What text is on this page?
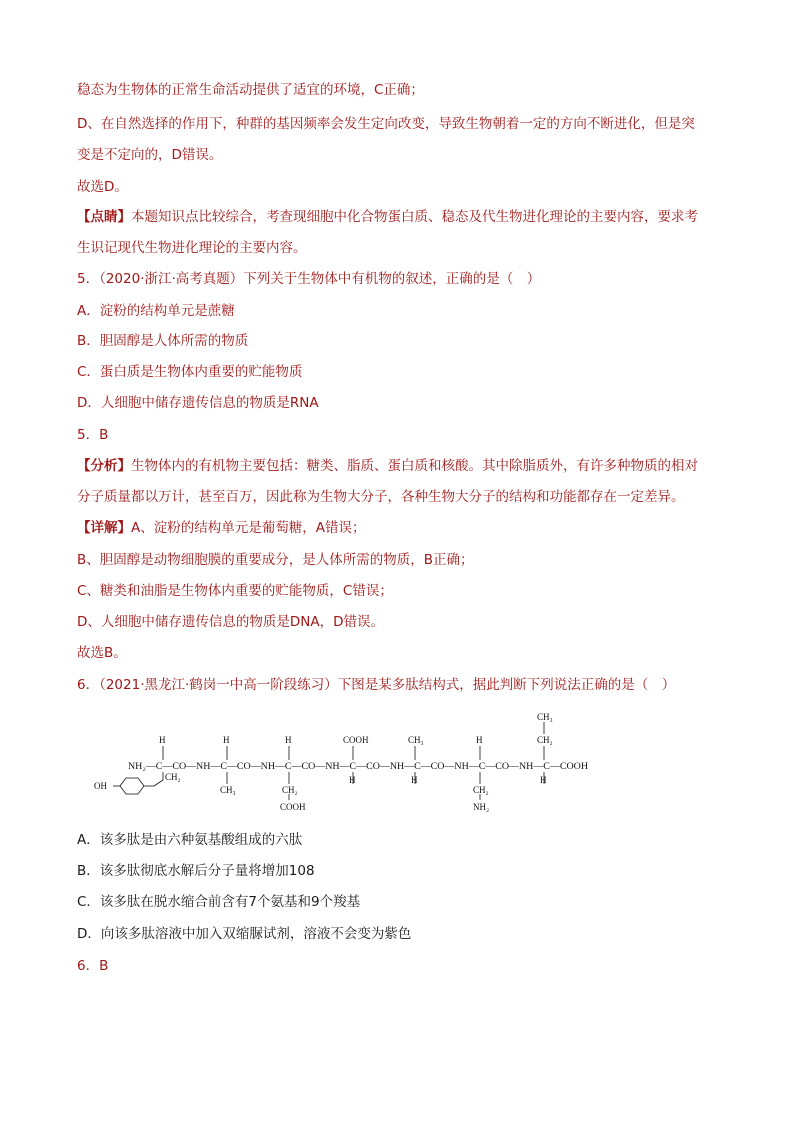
稳态为生物体的正常生命活动提供了适宜的环境，C正确；
D、在自然选择的作用下，种群的基因频率会发生定向改变，导致生物朝着一定的方向不断进化，但是突
变是不定向的，D错误。
故选D。
【点睛】本题知识点比较综合，考查现细胞中化合物蛋白质、稳态及代生物进化理论的主要内容，要求考
生识记现代生物进化理论的主要内容。
5．（2020·浙江·高考真题）下列关于生物体中有机物的叙述，正确的是（　）
A．淀粉的结构单元是蔗糖
B．胆固醇是人体所需的物质
C．蛋白质是生物体内重要的贮能物质
D．人细胞中储存遗传信息的物质是RNA
5．B
【分析】生物体内的有机物主要包括：糖类、脂质、蛋白质和核酸。其中除脂质外，有许多种物质的相对
分子质量都以万计，甚至百万，因此称为生物大分子，各种生物大分子的结构和功能都存在一定差异。
【详解】A、淀粉的结构单元是葡萄糖，A错误；
B、胆固醇是动物细胞膜的重要成分，是人体所需的物质，B正确；
C、糖类和油脂是生物体内重要的贮能物质，C错误；
D、人细胞中储存遗传信息的物质是DNA，D错误。
故选B。
6．（2021·黑龙江·鹤岗一中高一阶段练习）下图是某多肽结构式，据此判断下列说法正确的是（　）
NH₂—C—CO—NH—C—CO—NH—C—CO—NH—C—CO—NH—C—CO—NH—C—CO—NH—C—COOH
H
CH₂
OH
H
CH₃
H
CH₂
COOH
COOH
H
CH₃
H
H
CH₂
NH₂
CH₃
CH₂
H
A．该多肽是由六种氨基酸组成的六肽
B．该多肽彻底水解后分子量将增加108
C．该多肽在脱水缩合前含有7个氨基和9个羧基
D．向该多肽溶液中加入双缩脲试剂，溶液不会变为紫色
6．B
